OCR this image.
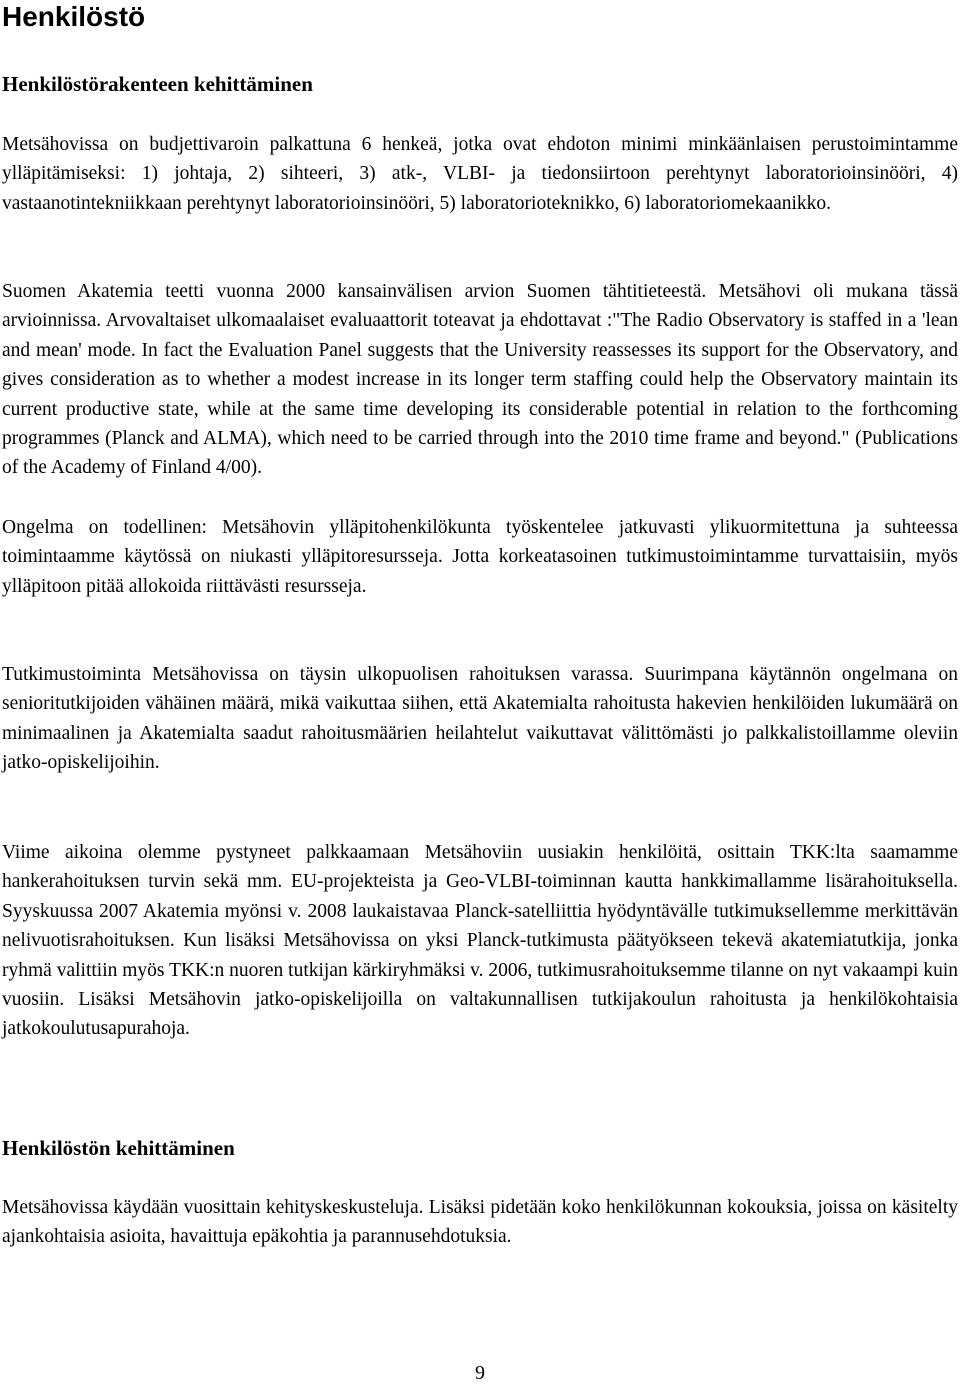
Henkilöstö
Henkilöstörakenteen kehittäminen

Metsähovissa on budjettivaroin palkattuna 6 henkeä, jotka ovat ehdoton minimi minkäänlaisen perustoimintamme ylläpitämiseksi: 1) johtaja, 2) sihteeri, 3) atk-, VLBI- ja tiedonsiirtoon perehtynyt laboratorioinsinööri, 4) vastaanotintekniikkaan perehtynyt laboratorioinsinööri, 5) laboratorioteknikko, 6) laboratoriomekaanikko.

Suomen Akatemia teetti vuonna 2000 kansainvälisen arvion Suomen tähtitieteestä. Metsähovi oli mukana tässä arvioinnissa. Arvovaltaiset ulkomaalaiset evaluaattorit toteavat ja ehdottavat :"The Radio Observatory is staffed in a 'lean and mean' mode. In fact the Evaluation Panel suggests that the University reassesses its support for the Observatory, and gives consideration as to whether a modest increase in its longer term staffing could help the Observatory maintain its current productive state, while at the same time developing its considerable potential in relation to the forthcoming programmes (Planck and ALMA), which need to be carried through into the 2010 time frame and beyond." (Publications of the Academy of Finland 4/00).

Ongelma on todellinen: Metsähovin ylläpitohenkilökunta työskentelee jatkuvasti ylikuormitettuna ja suhteessa toimintaamme käytössä on niukasti ylläpitoresursseja. Jotta korkeatasoinen tutkimustoimintamme turvattaisiin, myös ylläpitoon pitää allokoida riittävästi resursseja.

Tutkimustoiminta Metsähovissa on täysin ulkopuolisen rahoituksen varassa. Suurimpana käytännön ongelmana on senioritutkijoiden vähäinen määrä, mikä vaikuttaa siihen, että Akatemialta rahoitusta hakevien henkilöiden lukumäärä on minimaalinen ja Akatemialta saadut rahoitusmäärien heilahtelut vaikuttavat välittömästi jo palkkalistoillamme oleviin jatko-opiskelijoihin.

Viime aikoina olemme pystyneet palkkaamaan Metsähoviin uusiakin henkilöitä, osittain TKK:lta saamamme hankerahoituksen turvin sekä mm. EU-projekteista ja Geo-VLBI-toiminnan kautta hankkimallamme lisärahoituksella. Syyskuussa 2007 Akatemia myönsi v. 2008 laukaistavaa Planck-satelliittia hyödyntävälle tutkimuksellemme merkittävän nelivuotisrahoituksen. Kun lisäksi Metsähovissa on yksi Planck-tutkimusta päätyökseen tekevä akatemiatutkija, jonka ryhmä valittiin myös TKK:n nuoren tutkijan kärkiryhmäksi v. 2006, tutkimusrahoituksemme tilanne on nyt vakaampi kuin vuosiin. Lisäksi Metsähovin jatko-opiskelijoilla on valtakunnallisen tutkijakoulun rahoitusta ja henkilökohtaisia jatkokoulutusapurahoja.

Henkilöstön kehittäminen

Metsähovissa käydään vuosittain kehityskeskusteluja. Lisäksi pidetään koko henkilökunnan kokouksia, joissa on käsitelty ajankohtaisia asioita, havaittuja epäkohtia ja parannusehdotuksia.

9
